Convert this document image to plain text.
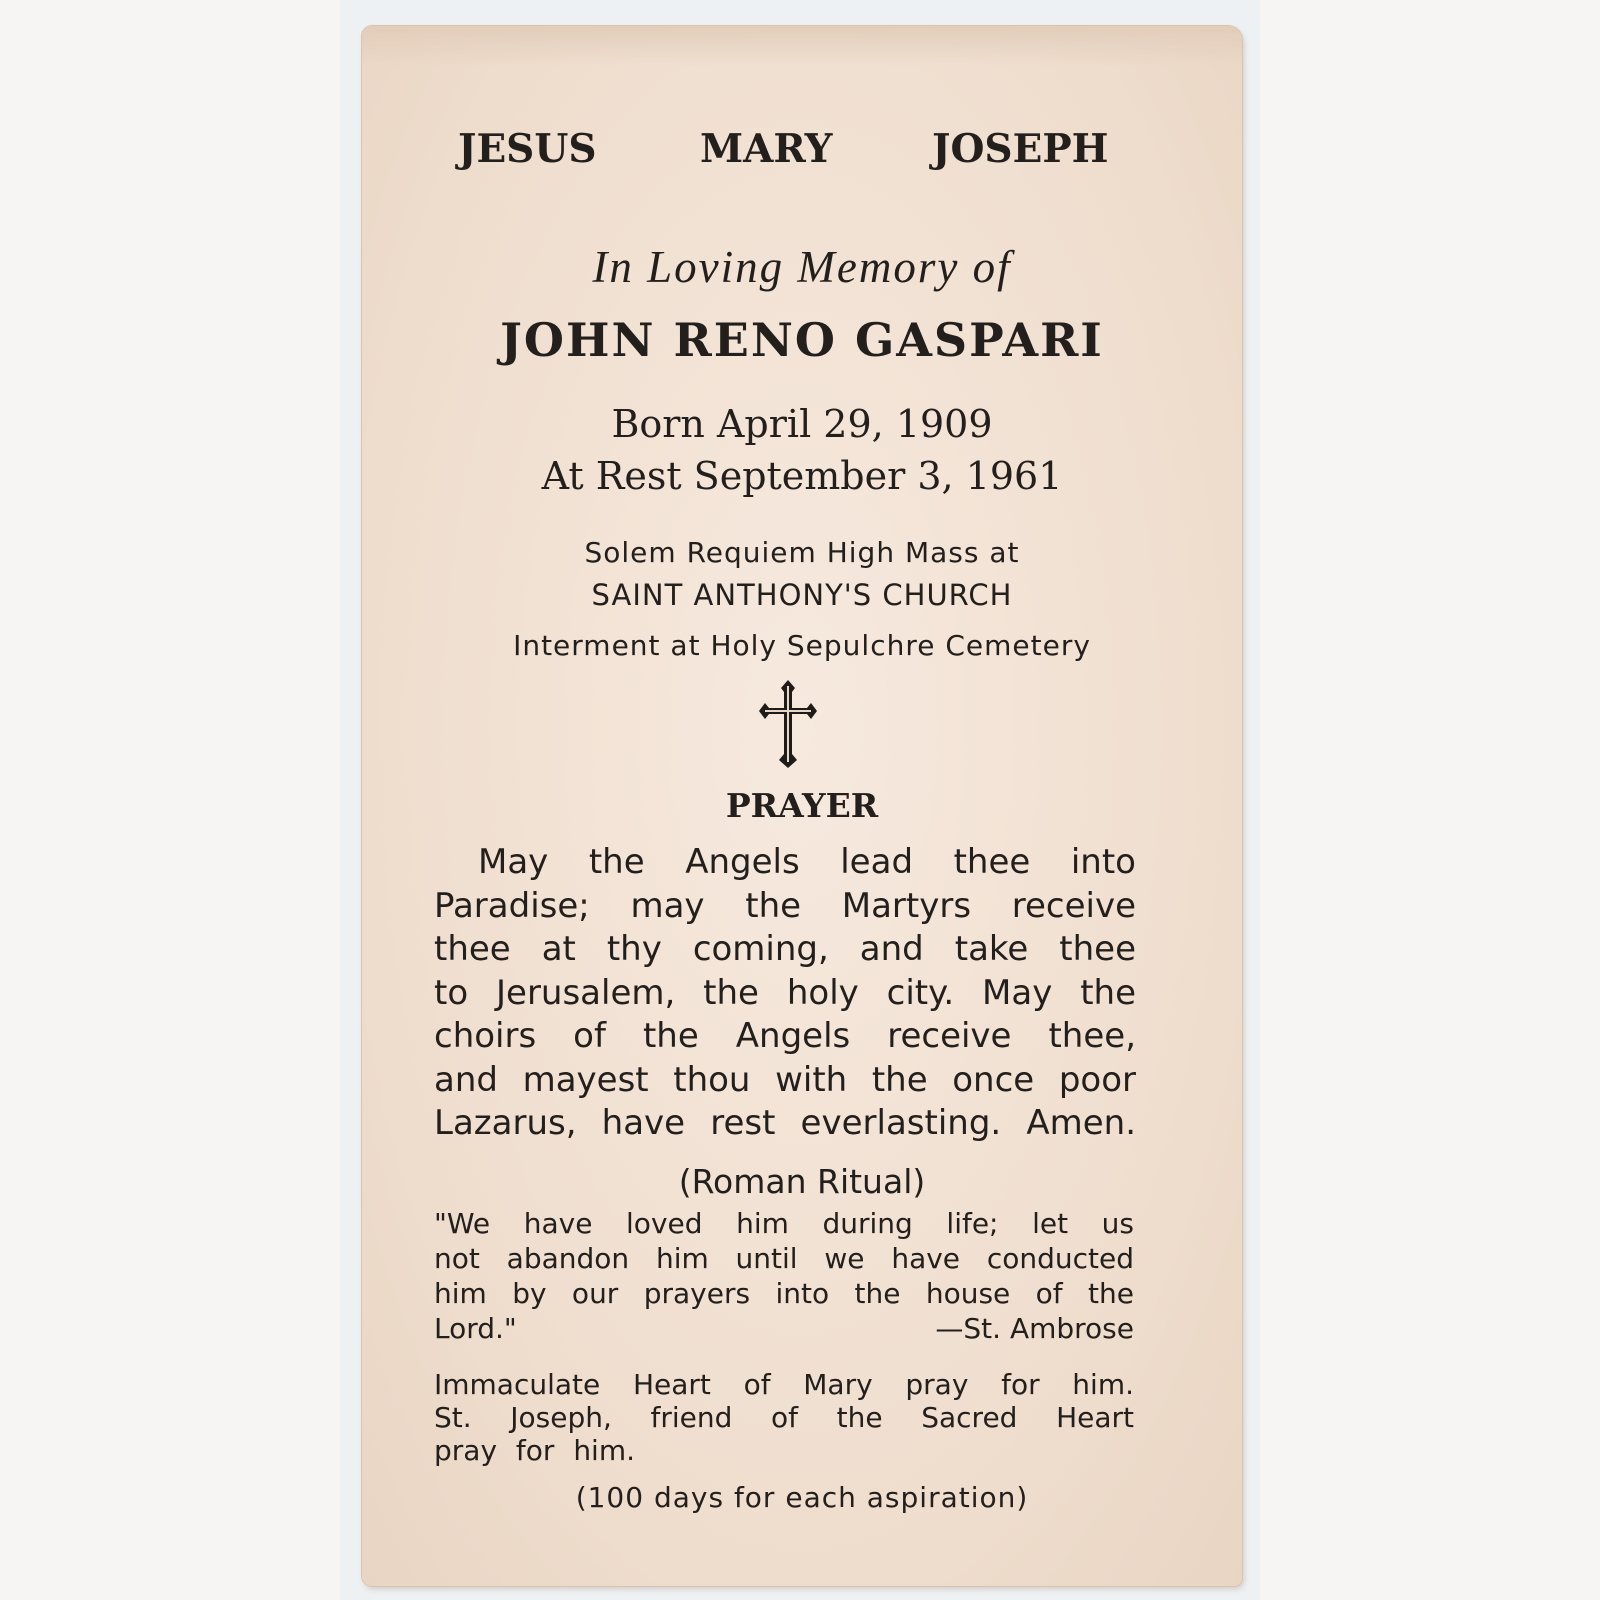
JESUS	MARY	JOSEPH
In Loving Memory of
JOHN RENO GASPARI
Born April 29, 1909
At Rest September 3, 1961
Solem Requiem High Mass at
SAINT ANTHONY'S CHURCH
Interment at Holy Sepulchre Cemetery
PRAYER
May the Angels lead thee into
Paradise; may the Martyrs receive
thee at thy coming, and take thee
to Jerusalem, the holy city. May the
choirs of the Angels receive thee,
and mayest thou with the once poor
Lazarus, have rest everlasting. Amen.
(Roman Ritual)
"We have loved him during life; let us
not abandon him until we have conducted
him by our prayers into the house of the
Lord."	—St. Ambrose
Immaculate Heart of Mary pray for him.
St. Joseph, friend of the Sacred Heart
pray for him.
(100 days for each aspiration)
